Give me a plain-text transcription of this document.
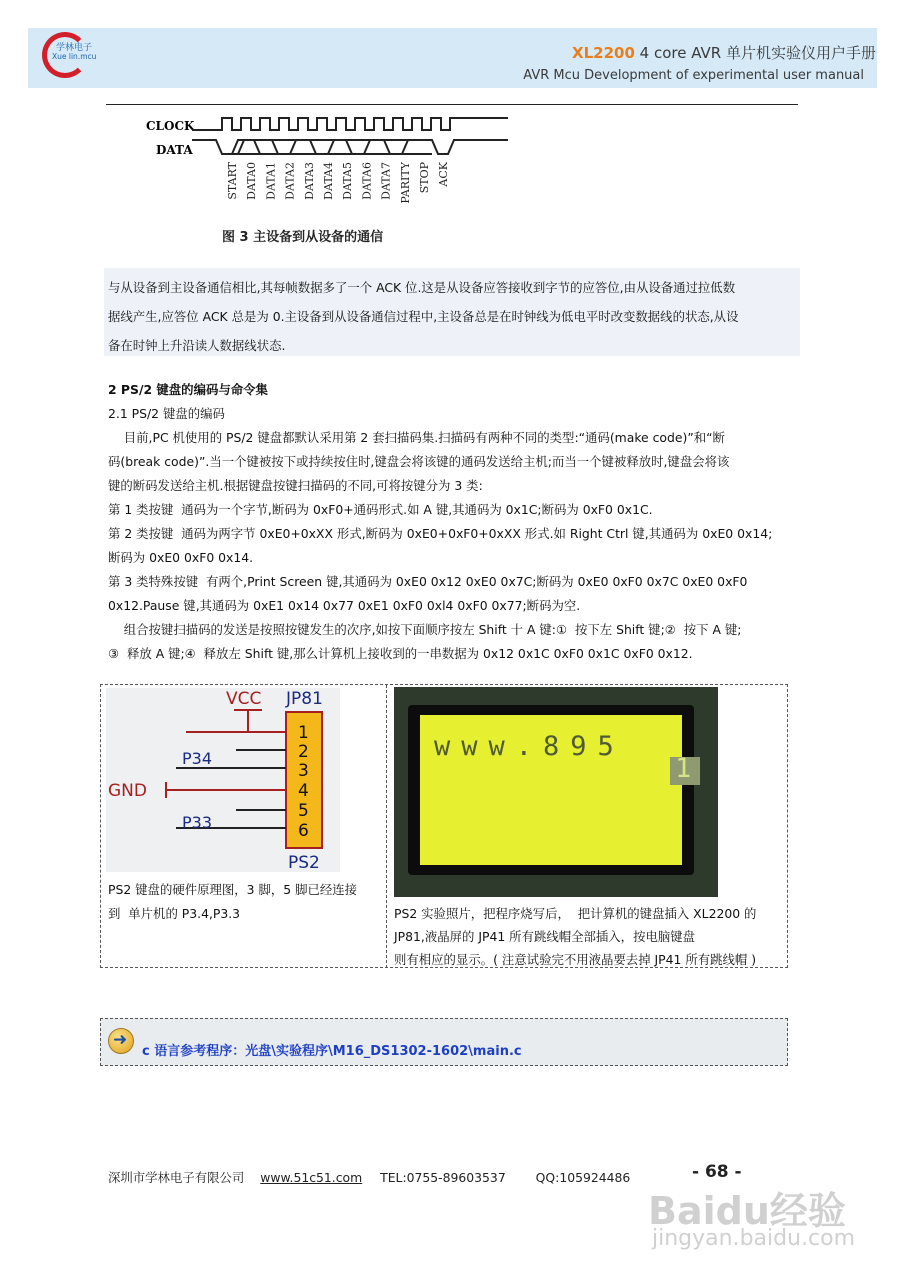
学林电子
Xue lin.mcu	XL2200 4 core AVR 单片机实验仪用户手册
AVR Mcu Development of experimental user manual
CLOCK
DATA
START DATA0 DATA1 DATA2 DATA3 DATA4 DATA5 DATA6 DATA7 PARITY STOP ACK
图 3 主设备到从设备的通信
与从设备到主设备通信相比,其每帧数据多了一个 ACK 位.这是从设备应答接收到字节的应答位,由从设备通过拉低数
据线产生,应答位 ACK 总是为 0.主设备到从设备通信过程中,主设备总是在时钟线为低电平时改变数据线的状态,从设
备在时钟上升沿读人数据线状态.
2 PS/2 键盘的编码与命令集
2.1 PS/2 键盘的编码
目前,PC 机使用的 PS/2 键盘都默认采用第 2 套扫描码集.扫描码有两种不同的类型:“通码(make code)”和“断
码(break code)”.当一个键被按下或持续按住时,键盘会将该键的通码发送给主机;而当一个键被释放时,键盘会将该
键的断码发送给主机.根据键盘按键扫描码的不同,可将按键分为 3 类:
第 1 类按键  通码为一个字节,断码为 0xF0+通码形式.如 A 键,其通码为 0x1C;断码为 0xF0 0x1C.
第 2 类按键  通码为两字节 0xE0+0xXX 形式,断码为 0xE0+0xF0+0xXX 形式.如 Right Ctrl 键,其通码为 0xE0 0x14;
断码为 0xE0 0xF0 0x14.
第 3 类特殊按键  有两个,Print Screen 键,其通码为 0xE0 0x12 0xE0 0x7C;断码为 0xE0 0xF0 0x7C 0xE0 0xF0
0x12.Pause 键,其通码为 0xE1 0x14 0x77 0xE1 0xF0 0xl4 0xF0 0x77;断码为空.
组合按键扫描码的发送是按照按键发生的次序,如按下面顺序按左 Shift 十 A 键:①  按下左 Shift 键;②  按下 A 键;
③  释放 A 键;④  释放左 Shift 键,那么计算机上接收到的一串数据为 0x12 0x1C 0xF0 0x1C 0xF0 0x12.
VCC JP81
P34
GND
P33
1
2
3
4
5
6
PS2
www.895
1
PS2 键盘的硬件原理图，3 脚，5 脚已经连接
到  单片机的 P3.4,P3.3	PS2 实验照片，把程序烧写后，  把计算机的键盘插入 XL2200 的
JP81,液晶屏的 JP41 所有跳线帽全部插入，按电脑键盘
则有相应的显示。( 注意试验完不用液晶要去掉 JP41 所有跳线帽 )
➜
c 语言参考程序：光盘\实验程序\M16_DS1302-1602\main.c
深圳市学林电子有限公司 www.51c51.com TEL:0755-89603537 QQ:105924486	- 68 -
Baidu经验
jingyan.baidu.com
